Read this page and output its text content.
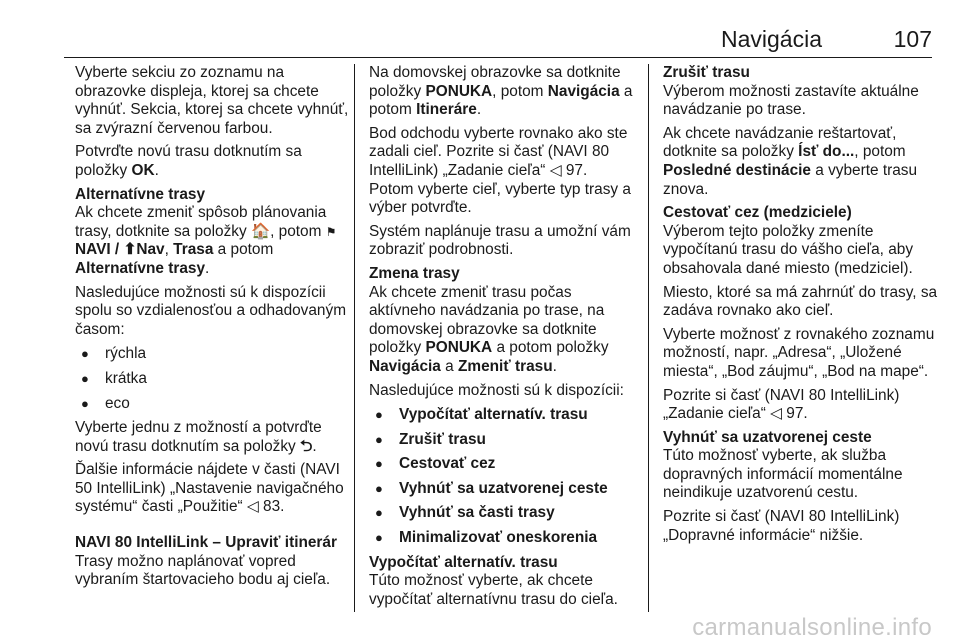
Navigácia	107

Vyberte sekciu zo zoznamu na obrazovke displeja, ktorej sa chcete vyhnúť. Sekcia, ktorej sa chcete vyhnúť, sa zvýrazní červenou farbou.

Potvrďte novú trasu dotknutím sa položky OK.

Alternatívne trasy

Ak chcete zmeniť spôsob plánovania trasy, dotknite sa položky 🏠, potom ⚑NAVI / ⬆Nav, Trasa a potom Alternatívne trasy.

Nasledujúce možnosti sú k dispozícii spolu so vzdialenosťou a odhadovaným časom:

● rýchla
● krátka
● eco

Vyberte jednu z možností a potvrďte novú trasu dotknutím sa položky ⮌.

Ďalšie informácie nájdete v časti (NAVI 50 IntelliLink) „Nastavenie navigačného systému“ časti „Použitie“ ◁ 83.

NAVI 80 IntelliLink – Upraviť itinerár

Trasy možno naplánovať vopred vybraním štartovacieho bodu aj cieľa.

Na domovskej obrazovke sa dotknite položky PONUKA, potom Navigácia a potom Itineráre.

Bod odchodu vyberte rovnako ako ste zadali cieľ. Pozrite si časť (NAVI 80 IntelliLink) „Zadanie cieľa“ ◁ 97. Potom vyberte cieľ, vyberte typ trasy a výber potvrďte.

Systém naplánuje trasu a umožní vám zobraziť podrobnosti.

Zmena trasy

Ak chcete zmeniť trasu počas aktívneho navádzania po trase, na domovskej obrazovke sa dotknite položky PONUKA a potom položky Navigácia a Zmeniť trasu.

Nasledujúce možnosti sú k dispozícii:

● Vypočítať alternatív. trasu
● Zrušiť trasu
● Cestovať cez
● Vyhnúť sa uzatvorenej ceste
● Vyhnúť sa časti trasy
● Minimalizovať oneskorenia
Vypočítať alternatív. trasu

Túto možnosť vyberte, ak chcete vypočítať alternatívnu trasu do cieľa.

Zrušiť trasu

Výberom možnosti zastavíte aktuálne navádzanie po trase.

Ak chcete navádzanie reštartovať, dotknite sa položky Ísť do..., potom Posledné destinácie a vyberte trasu znova.

Cestovať cez (medziciele)

Výberom tejto položky zmeníte vypočítanú trasu do vášho cieľa, aby obsahovala dané miesto (medziciel).

Miesto, ktoré sa má zahrnúť do trasy, sa zadáva rovnako ako cieľ.

Vyberte možnosť z rovnakého zoznamu možností, napr. „Adresa“, „Uložené miesta“, „Bod záujmu“, „Bod na mape“.

Pozrite si časť (NAVI 80 IntelliLink) „Zadanie cieľa“ ◁ 97.

Vyhnúť sa uzatvorenej ceste

Túto možnosť vyberte, ak služba dopravných informácií momentálne neindikuje uzatvorenú cestu.

Pozrite si časť (NAVI 80 IntelliLink) „Dopravné informácie“ nižšie.

carmanualsonline.info
